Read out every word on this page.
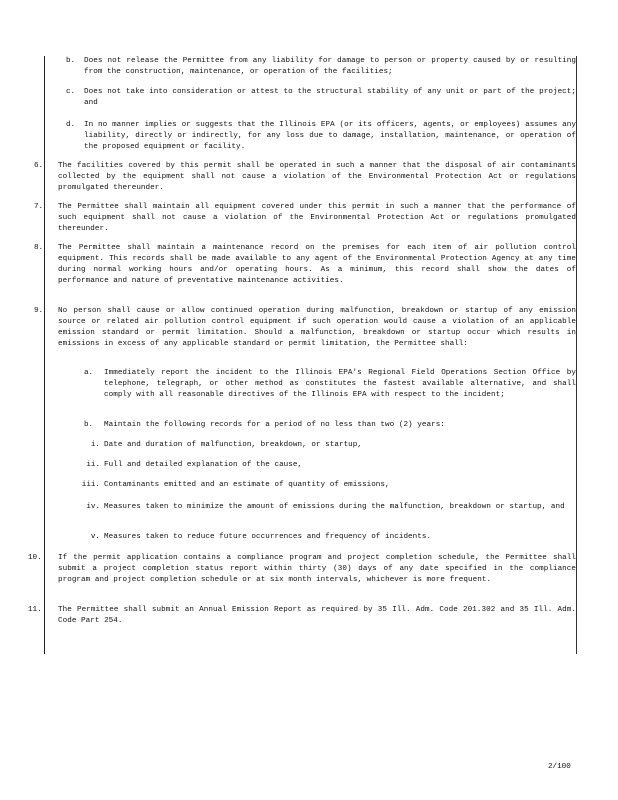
b. Does not release the Permittee from any liability for damage to person or property caused by or resulting from the construction, maintenance, or operation of the facilities;
c. Does not take into consideration or attest to the structural stability of any unit or part of the project; and
d. In no manner implies or suggests that the Illinois EPA (or its officers, agents, or employees) assumes any liability, directly or indirectly, for any loss due to damage, installation, maintenance, or operation of the proposed equipment or facility.
6. The facilities covered by this permit shall be operated in such a manner that the disposal of air contaminants collected by the equipment shall not cause a violation of the Environmental Protection Act or regulations promulgated thereunder.
7. The Permittee shall maintain all equipment covered under this permit in such a manner that the performance of such equipment shall not cause a violation of the Environmental Protection Act or regulations promulgated thereunder.
8. The Permittee shall maintain a maintenance record on the premises for each item of air pollution control equipment. This records shall be made available to any agent of the Environmental Protection Agency at any time during normal working hours and/or operating hours. As a minimum, this record shall show the dates of performance and nature of preventative maintenance activities.
9. No person shall cause or allow continued operation during malfunction, breakdown or startup of any emission source or related air pollution control equipment if such operation would cause a violation of an applicable emission standard or permit limitation. Should a malfunction, breakdown or startup occur which results in emissions in excess of any applicable standard or permit limitation, the Permittee shall:
a. Immediately report the incident to the Illinois EPA's Regional Field Operations Section Office by telephone, telegraph, or other method as constitutes the fastest available alternative, and shall comply with all reasonable directives of the Illinois EPA with respect to the incident;
b. Maintain the following records for a period of no less than two (2) years:
i. Date and duration of malfunction, breakdown, or startup,
ii. Full and detailed explanation of the cause,
iii. Contaminants emitted and an estimate of quantity of emissions,
iv. Measures taken to minimize the amount of emissions during the malfunction, breakdown or startup, and
v. Measures taken to reduce future occurrences and frequency of incidents.
10. If the permit application contains a compliance program and project completion schedule, the Permittee shall submit a project completion status report within thirty (30) days of any date specified in the compliance program and project completion schedule or at six month intervals, whichever is more frequent.
11. The Permittee shall submit an Annual Emission Report as required by 35 Ill. Adm. Code 201.302 and 35 Ill. Adm. Code Part 254.
2/100
